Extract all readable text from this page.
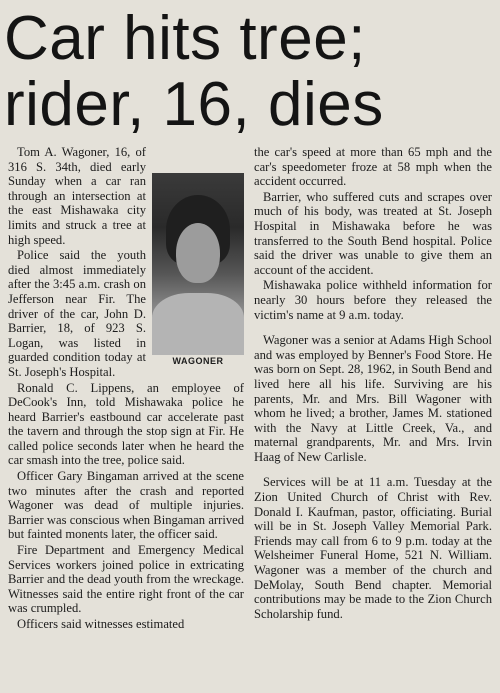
Car hits tree;
rider, 16, dies
WAGONER

Tom A. Wagoner, 16, of 316 S. 34th, died early Sunday when a car ran through an intersection at the east Mishawaka city limits and struck a tree at high speed.

Police said the youth died almost immediately after the 3:45 a.m. crash on Jefferson near Fir. The driver of the car, John D. Barrier, 18, of 923 S. Logan, was listed in guarded condition today at St. Joseph's Hospital.

Ronald C. Lippens, an employee of DeCook's Inn, told Mishawaka police he heard Barrier's eastbound car accelerate past the tavern and through the stop sign at Fir. He called police seconds later when he heard the car smash into the tree, police said.

Officer Gary Bingaman arrived at the scene two minutes after the crash and reported Wagoner was dead of multiple injuries. Barrier was conscious when Bingaman arrived but fainted monents later, the officer said.

Fire Department and Emergency Medical Services workers joined police in extricating Barrier and the dead youth from the wreckage. Witnesses said the entire right front of the car was crumpled.

Officers said witnesses estimated

the car's speed at more than 65 mph and the car's speedometer froze at 58 mph when the accident occurred.

Barrier, who suffered cuts and scrapes over much of his body, was treated at St. Joseph Hospital in Mishawaka before he was transferred to the South Bend hospital. Police said the driver was unable to give them an account of the accident.

Mishawaka police withheld information for nearly 30 hours before they released the victim's name at 9 a.m. today.

Wagoner was a senior at Adams High School and was employed by Benner's Food Store. He was born on Sept. 28, 1962, in South Bend and lived here all his life. Surviving are his parents, Mr. and Mrs. Bill Wagoner with whom he lived; a brother, James M. stationed with the Navy at Little Creek, Va., and maternal grandparents, Mr. and Mrs. Irvin Haag of New Carlisle.

Services will be at 11 a.m. Tuesday at the Zion United Church of Christ with Rev. Donald I. Kaufman, pastor, officiating. Burial will be in St. Joseph Valley Memorial Park. Friends may call from 6 to 9 p.m. today at the Welsheimer Funeral Home, 521 N. William. Wagoner was a member of the church and DeMolay, South Bend chapter. Memorial contributions may be made to the Zion Church Scholarship fund.
